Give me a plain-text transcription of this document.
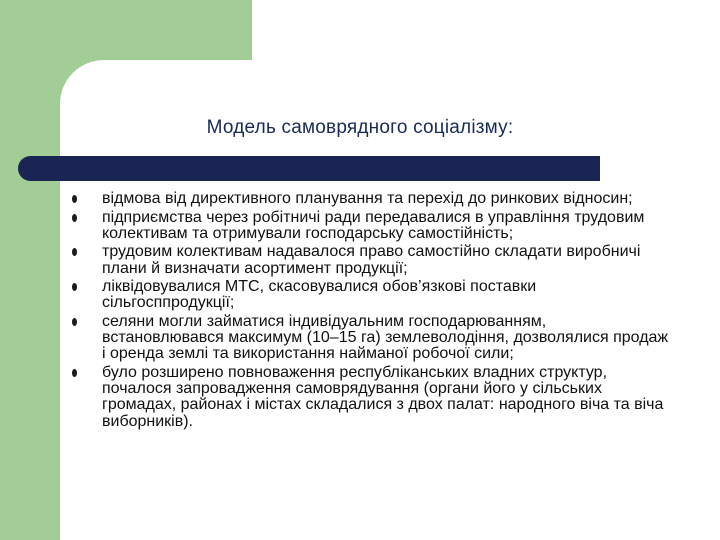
Модель самоврядного соціалізму:
відмова від директивного планування та перехід до ринкових відносин;
підприємства через робітничі ради передавалися в управління трудовим колективам та отримували господарську самостійність;
трудовим колективам надавалося право самостійно складати виробничі плани й визначати асортимент продукції;
ліквідовувалися МТС, скасовувалися обов’язкові поставки сільгосппродукції;
селяни могли займатися індивідуальним господарюванням, встановлювався максимум (10–15 га) землеволодіння, дозволялися продаж і оренда землі та використання найманої робочої сили;
було розширено повноваження республіканських владних структур, почалося запровадження самоврядування (органи його у сільських громадах, районах і містах складалися з двох палат: народного віча та віча виборників).
